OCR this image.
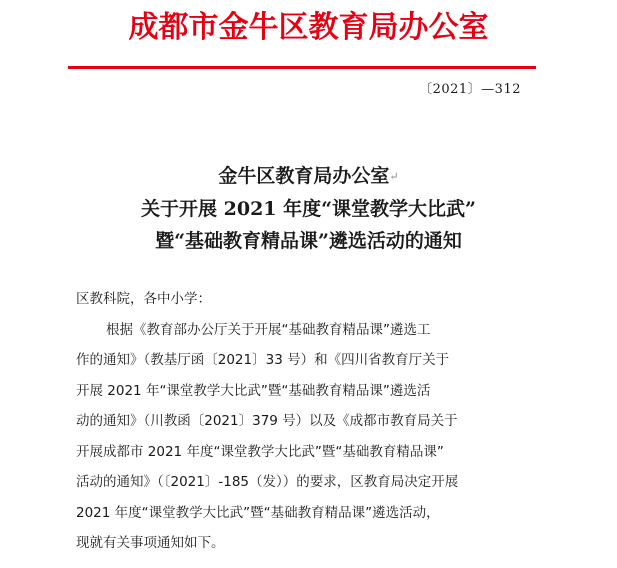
成都市金牛区教育局办公室
〔2021〕—312
金牛区教育局办公室↵
关于开展 2021 年度“课堂教学大比武”
暨“基础教育精品课”遴选活动的通知
区教科院，各中小学：
根据《教育部办公厅关于开展“基础教育精品课”遴选工
作的通知》（教基厅函〔2021〕33 号）和《四川省教育厅关于
开展 2021 年“课堂教学大比武”暨“基础教育精品课”遴选活
动的通知》（川教函〔2021〕379 号）以及《成都市教育局关于
开展成都市 2021 年度“课堂教学大比武”暨“基础教育精品课”
活动的通知》（〔2021〕-185（发））的要求，区教育局决定开展
2021 年度“课堂教学大比武”暨“基础教育精品课”遴选活动，
现就有关事项通知如下。
